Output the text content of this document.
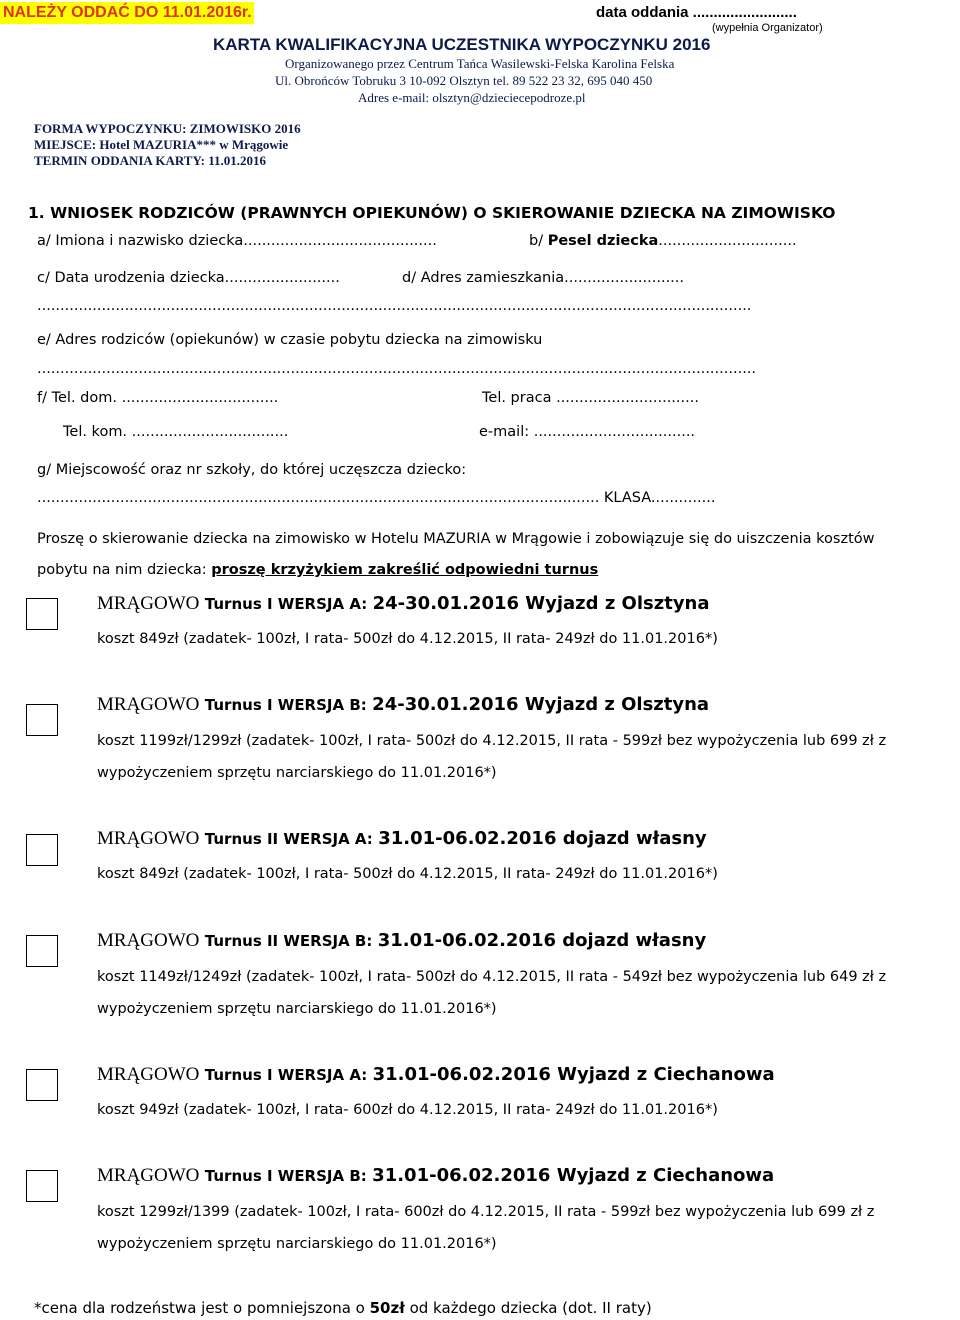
NALEŻY ODDAĆ DO 11.01.2016r.	data oddania .........................
(wypełnia Organizator)
KARTA KWALIFIKACYJNA UCZESTNIKA WYPOCZYNKU 2016
Organizowanego przez Centrum Tańca Wasilewski-Felska Karolina Felska
Ul. Obrońców Tobruku 3 10-092 Olsztyn tel. 89 522 23 32, 695 040 450
Adres e-mail: olsztyn@dzieciecepodroze.pl
FORMA WYPOCZYNKU: ZIMOWISKO 2016
MIEJSCE: Hotel MAZURIA*** w Mrągowie
TERMIN ODDANIA KARTY: 11.01.2016
1. WNIOSEK RODZICÓW (PRAWNYCH OPIEKUNÓW) O SKIEROWANIE DZIECKA NA ZIMOWISKO
a/ Imiona i nazwisko dziecka..........................................	b/ Pesel dziecka..............................
c/ Data urodzenia dziecka.........................	d/ Adres zamieszkania..........................
...........................................................................................................................................................
e/ Adres rodziców (opiekunów) w czasie pobytu dziecka na zimowisku
............................................................................................................................................................
f/ Tel. dom. ..................................	Tel. praca ...............................
Tel. kom. ..................................	e-mail: ...................................
g/ Miejscowość oraz nr szkoły, do której uczęszcza dziecko:
.......................................................................................................................... KLASA..............
Proszę o skierowanie dziecka na zimowisko w Hotelu MAZURIA w Mrągowie i zobowiązuje się do uiszczenia kosztów
pobytu na nim dziecka: proszę krzyżykiem zakreślić odpowiedni turnus
MRĄGOWO Turnus I WERSJA A: 24-30.01.2016 Wyjazd z Olsztyna
koszt 849zł (zadatek- 100zł, I rata- 500zł do 4.12.2015, II rata- 249zł do 11.01.2016*)
MRĄGOWO Turnus I WERSJA B: 24-30.01.2016 Wyjazd z Olsztyna
koszt 1199zł/1299zł (zadatek- 100zł, I rata- 500zł do 4.12.2015, II rata - 599zł bez wypożyczenia lub 699 zł z
wypożyczeniem sprzętu narciarskiego do 11.01.2016*)
MRĄGOWO Turnus II WERSJA A: 31.01-06.02.2016 dojazd własny
koszt 849zł (zadatek- 100zł, I rata- 500zł do 4.12.2015, II rata- 249zł do 11.01.2016*)
MRĄGOWO Turnus II WERSJA B: 31.01-06.02.2016 dojazd własny
koszt 1149zł/1249zł (zadatek- 100zł, I rata- 500zł do 4.12.2015, II rata - 549zł bez wypożyczenia lub 649 zł z
wypożyczeniem sprzętu narciarskiego do 11.01.2016*)
MRĄGOWO Turnus I WERSJA A: 31.01-06.02.2016 Wyjazd z Ciechanowa
koszt 949zł (zadatek- 100zł, I rata- 600zł do 4.12.2015, II rata- 249zł do 11.01.2016*)
MRĄGOWO Turnus I WERSJA B: 31.01-06.02.2016 Wyjazd z Ciechanowa
koszt 1299zł/1399 (zadatek- 100zł, I rata- 600zł do 4.12.2015, II rata - 599zł bez wypożyczenia lub 699 zł z
wypożyczeniem sprzętu narciarskiego do 11.01.2016*)
*cena dla rodzeństwa jest o pomniejszona o 50zł od każdego dziecka (dot. II raty)
